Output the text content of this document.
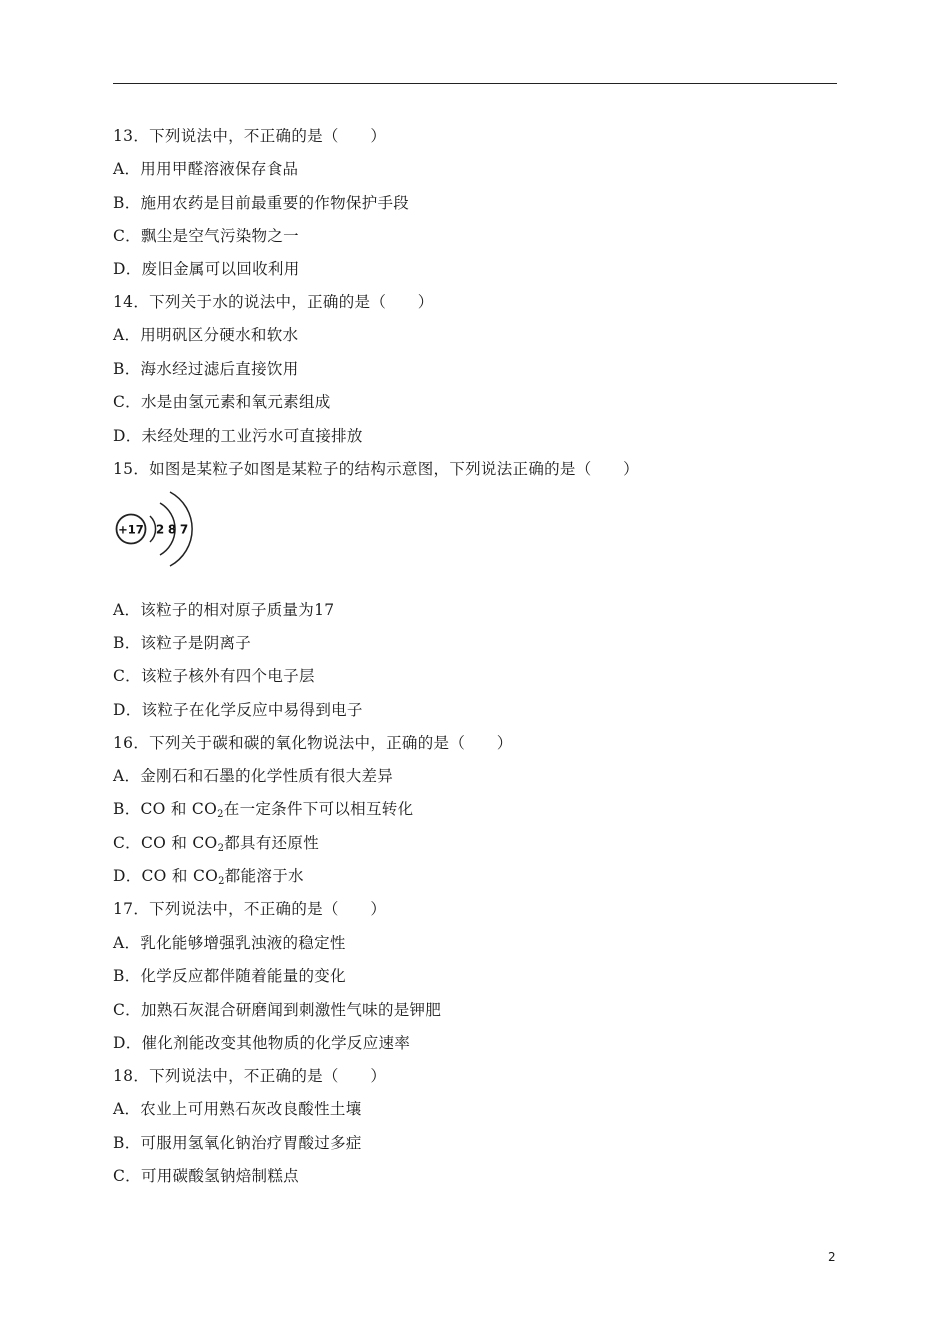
13．下列说法中，不正确的是（　　）
A．用用甲醛溶液保存食品
B．施用农药是目前最重要的作物保护手段
C．飘尘是空气污染物之一
D．废旧金属可以回收利用
14．下列关于水的说法中，正确的是（　　）
A．用明矾区分硬水和软水
B．海水经过滤后直接饮用
C．水是由氢元素和氧元素组成
D．未经处理的工业污水可直接排放
15．如图是某粒子如图是某粒子的结构示意图，下列说法正确的是（　　）
+17 2 8 7
A．该粒子的相对原子质量为17
B．该粒子是阴离子
C．该粒子核外有四个电子层
D．该粒子在化学反应中易得到电子
16．下列关于碳和碳的氧化物说法中，正确的是（　　）
A．金刚石和石墨的化学性质有很大差异
B．CO 和 $CO_2$在一定条件下可以相互转化
C．CO 和 $CO_2$都具有还原性
D．CO 和 $CO_2$都能溶于水
17．下列说法中，不正确的是（　　）
A．乳化能够增强乳浊液的稳定性
B．化学反应都伴随着能量的变化
C．加熟石灰混合研磨闻到刺激性气味的是钾肥
D．催化剂能改变其他物质的化学反应速率
18．下列说法中，不正确的是（　　）
A．农业上可用熟石灰改良酸性土壤
B．可服用氢氧化钠治疗胃酸过多症
C．可用碳酸氢钠焙制糕点
2
